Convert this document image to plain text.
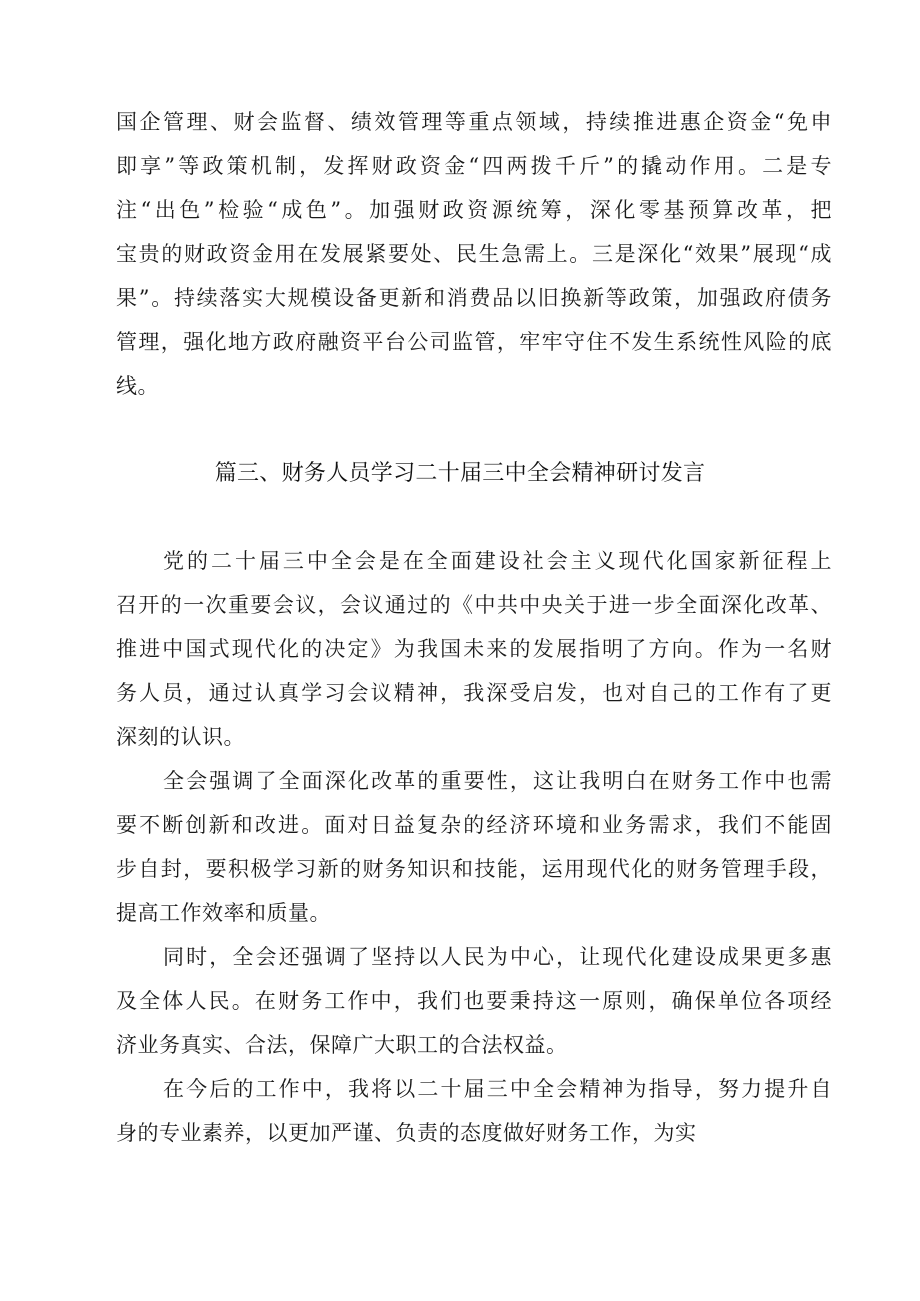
国企管理、财会监督、绩效管理等重点领域，持续推进惠企资金“免申
即享”等政策机制，发挥财政资金“四两拨千斤”的撬动作用。二是专
注“出色”检验“成色”。加强财政资源统筹，深化零基预算改革，把
宝贵的财政资金用在发展紧要处、民生急需上。三是深化“效果”展现“成
果”。持续落实大规模设备更新和消费品以旧换新等政策，加强政府债务
管理，强化地方政府融资平台公司监管，牢牢守住不发生系统性风险的底
线。
篇三、财务人员学习二十届三中全会精神研讨发言
党的二十届三中全会是在全面建设社会主义现代化国家新征程上
召开的一次重要会议，会议通过的《中共中央关于进一步全面深化改革、
推进中国式现代化的决定》为我国未来的发展指明了方向。作为一名财
务人员，通过认真学习会议精神，我深受启发，也对自己的工作有了更
深刻的认识。
全会强调了全面深化改革的重要性，这让我明白在财务工作中也需
要不断创新和改进。面对日益复杂的经济环境和业务需求，我们不能固
步自封，要积极学习新的财务知识和技能，运用现代化的财务管理手段，
提高工作效率和质量。
同时，全会还强调了坚持以人民为中心，让现代化建设成果更多惠
及全体人民。在财务工作中，我们也要秉持这一原则，确保单位各项经
济业务真实、合法，保障广大职工的合法权益。
在今后的工作中，我将以二十届三中全会精神为指导，努力提升自
身的专业素养，以更加严谨、负责的态度做好财务工作，为实
